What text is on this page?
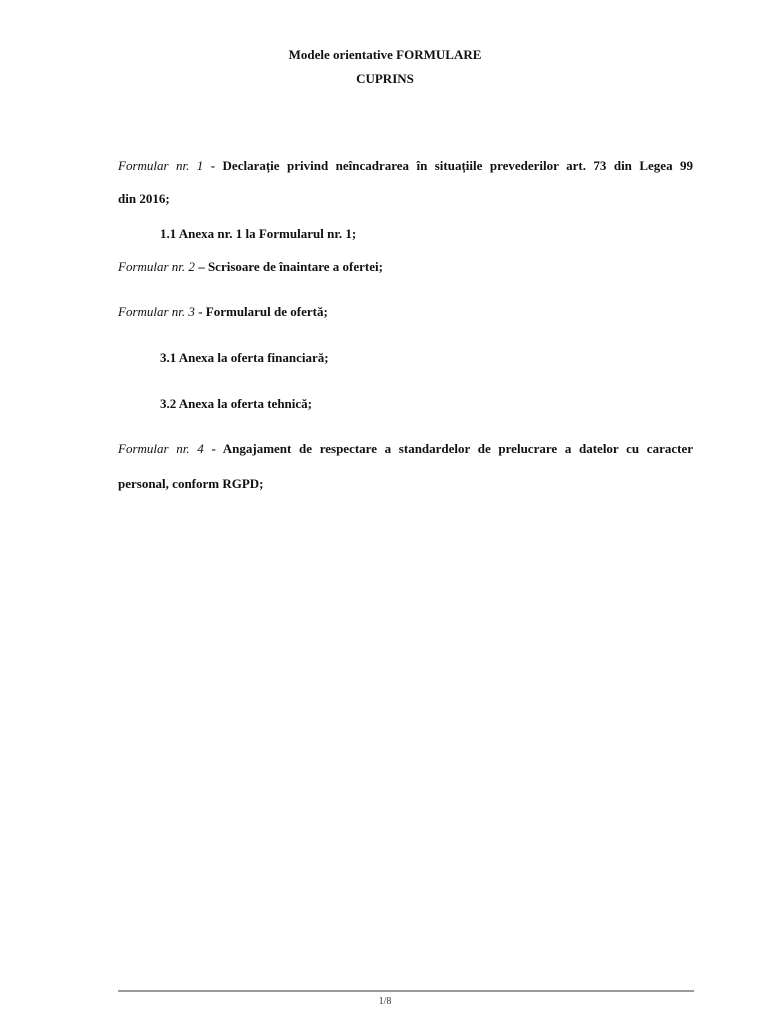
Modele orientative FORMULARE
CUPRINS
Formular nr. 1 - Declarație privind neîncadrarea în situațiile prevederilor art. 73 din Legea 99
din 2016;
1.1 Anexa nr. 1 la Formularul nr. 1;
Formular nr. 2 – Scrisoare de înaintare a ofertei;
Formular nr. 3 - Formularul de ofertă;
3.1 Anexa la oferta financiară;
3.2 Anexa la oferta tehnică;
Formular nr. 4 - Angajament de respectare a standardelor de prelucrare a datelor cu caracter
personal, conform RGPD;
1/8
